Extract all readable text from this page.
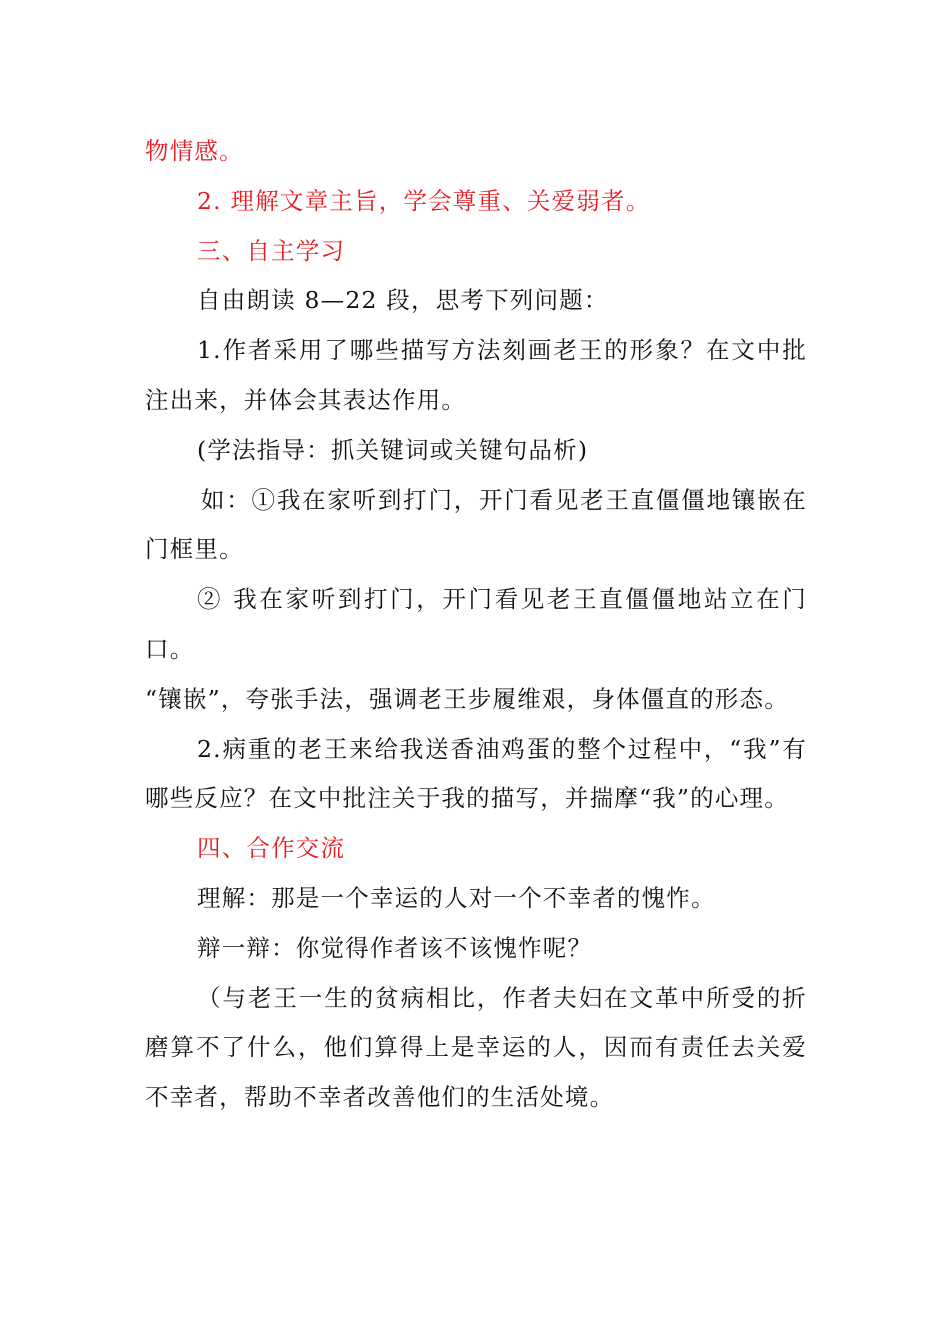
物情感。

2. 理解文章主旨，学会尊重、关爱弱者。

三、自主学习

自由朗读 8—22 段，思考下列问题：

1.作者采用了哪些描写方法刻画老王的形象？在文中批注出来，并体会其表达作用。

(学法指导：抓关键词或关键句品析)

如：①我在家听到打门，开门看见老王直僵僵地镶嵌在门框里。

② 我在家听到打门，开门看见老王直僵僵地站立在门口。

“镶嵌”，夸张手法，强调老王步履维艰，身体僵直的形态。

2.病重的老王来给我送香油鸡蛋的整个过程中，“我”有哪些反应？在文中批注关于我的描写，并揣摩“我”的心理。

四、合作交流

理解：那是一个幸运的人对一个不幸者的愧怍。

辩一辩：你觉得作者该不该愧怍呢？

（与老王一生的贫病相比，作者夫妇在文革中所受的折磨算不了什么，他们算得上是幸运的人，因而有责任去关爱不幸者，帮助不幸者改善他们的生活处境。
